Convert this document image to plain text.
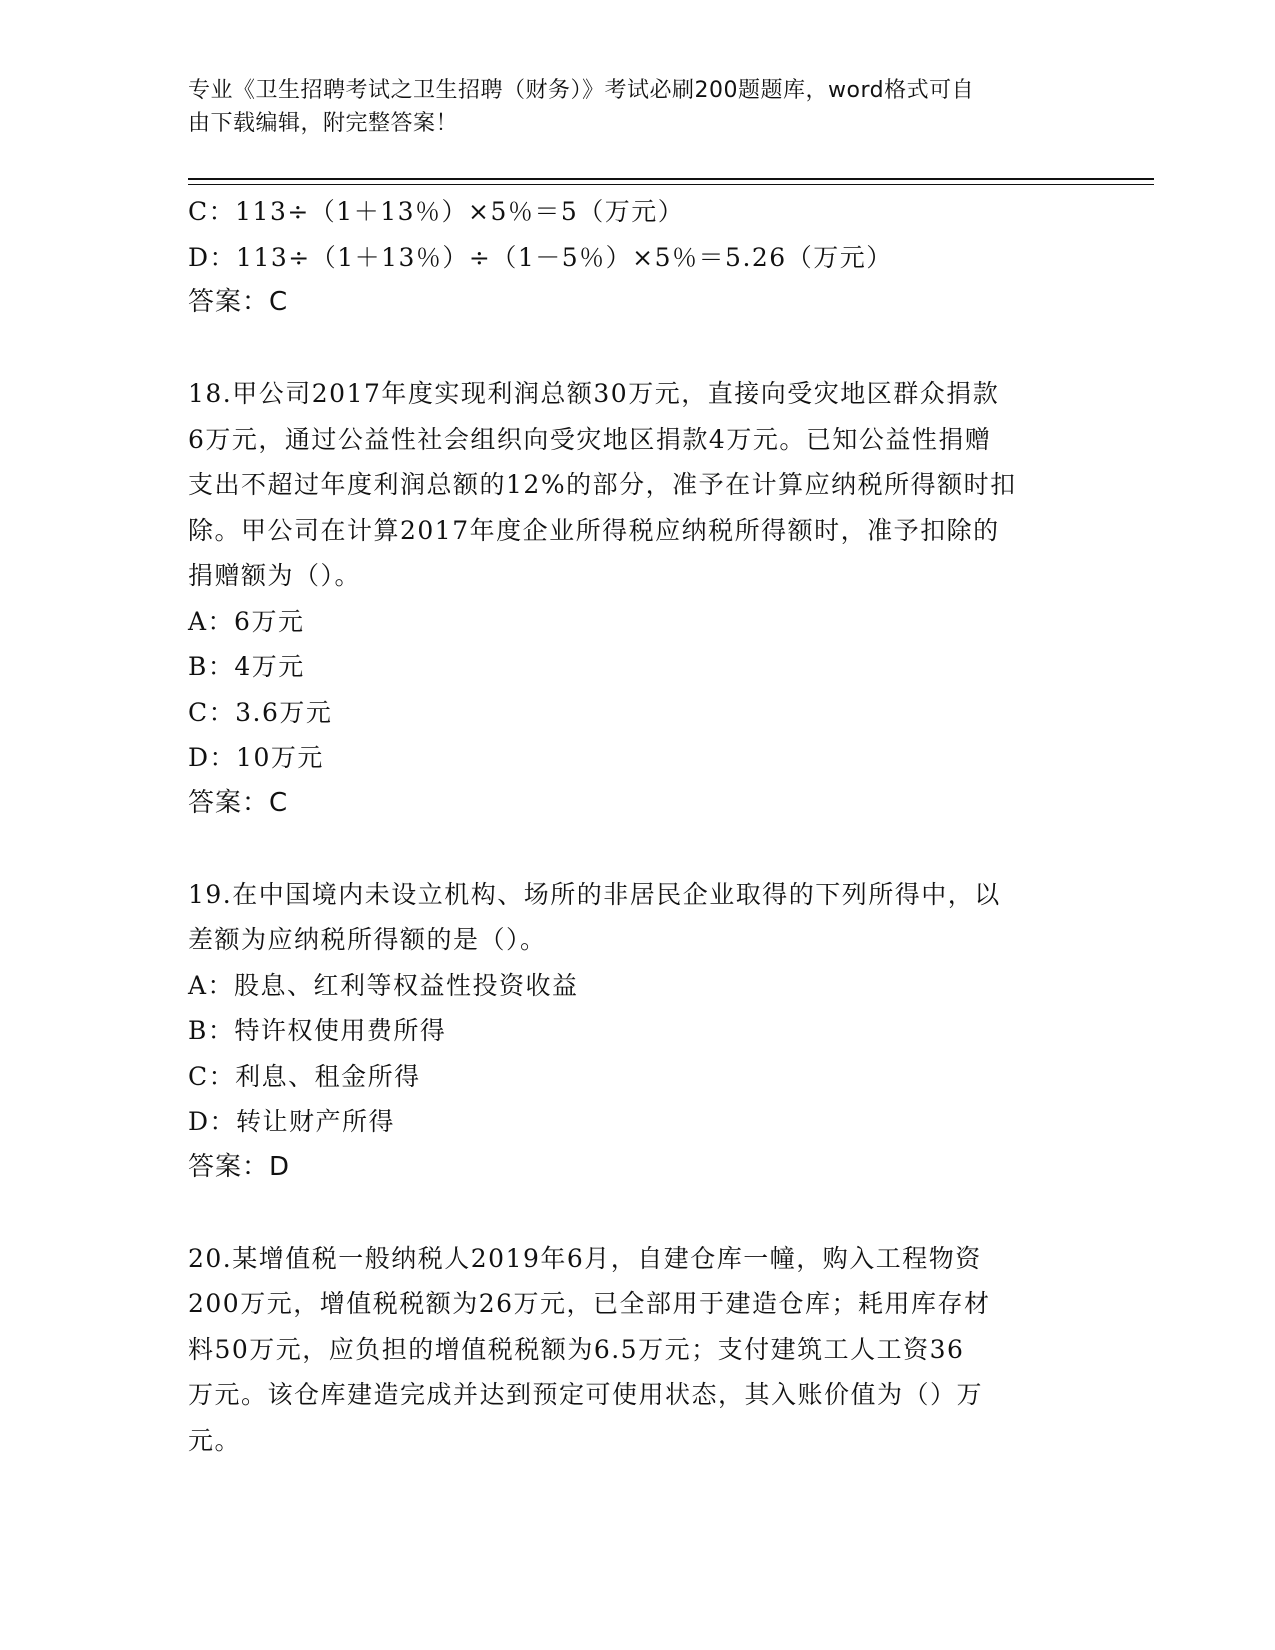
专业《卫生招聘考试之卫生招聘（财务）》考试必刷200题题库，word格式可自
由下载编辑，附完整答案！
C：113÷（1＋13％）×5％＝5（万元）
D：113÷（1＋13％）÷（1－5％）×5％＝5.26（万元）
答案：C
18.甲公司2017年度实现利润总额30万元，直接向受灾地区群众捐款
6万元，通过公益性社会组织向受灾地区捐款4万元。已知公益性捐赠
支出不超过年度利润总额的12%的部分，准予在计算应纳税所得额时扣
除。甲公司在计算2017年度企业所得税应纳税所得额时，准予扣除的
捐赠额为（）。
A：6万元
B：4万元
C：3.6万元
D：10万元
答案：C
19.在中国境内未设立机构、场所的非居民企业取得的下列所得中，以
差额为应纳税所得额的是（）。
A：股息、红利等权益性投资收益
B：特许权使用费所得
C：利息、租金所得
D：转让财产所得
答案：D
20.某增值税一般纳税人2019年6月，自建仓库一幢，购入工程物资
200万元，增值税税额为26万元，已全部用于建造仓库；耗用库存材
料50万元，应负担的增值税税额为6.5万元；支付建筑工人工资36
万元。该仓库建造完成并达到预定可使用状态，其入账价值为（）万
元。
